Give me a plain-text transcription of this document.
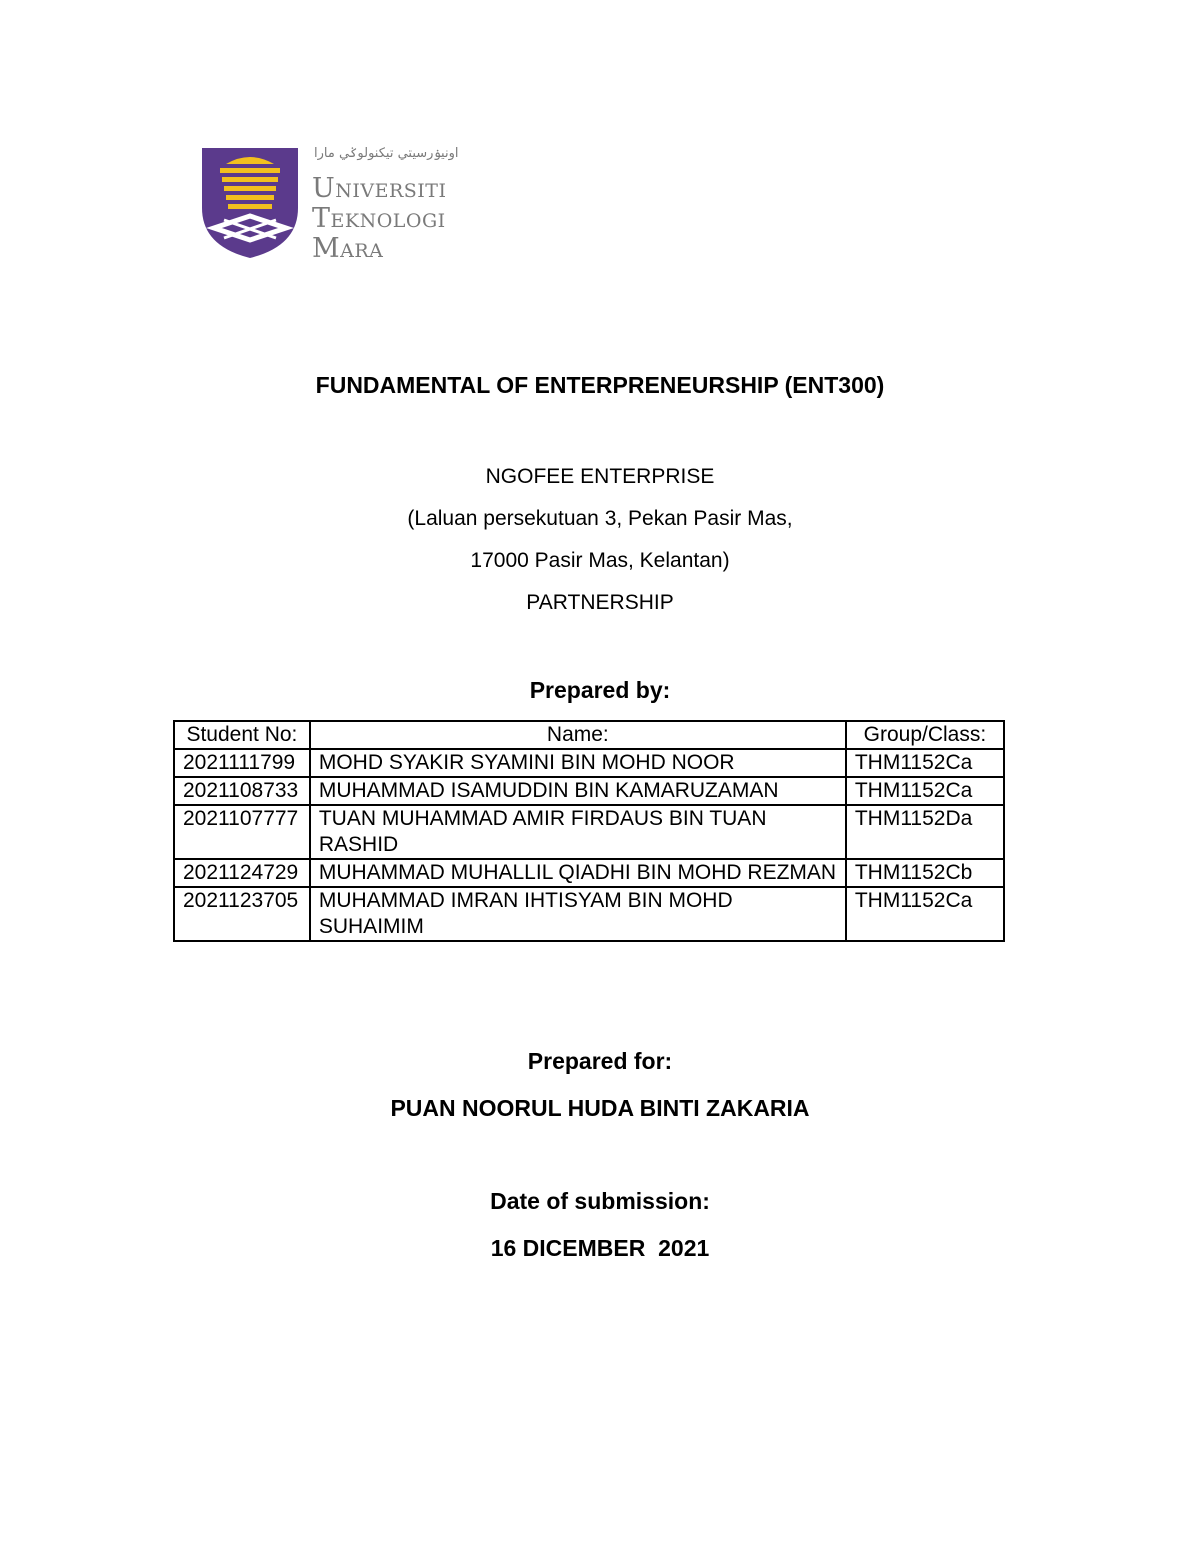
اونيۏرسيتي تيكنولوݢي مارا
Universiti
Teknologi
Mara
FUNDAMENTAL OF ENTERPRENEURSHIP (ENT300)
NGOFEE ENTERPRISE
(Laluan persekutuan 3, Pekan Pasir Mas,
17000 Pasir Mas, Kelantan)
PARTNERSHIP
Prepared by:
Student No:	Name:	Group/Class:
2021111799	MOHD SYAKIR SYAMINI BIN MOHD NOOR	THM1152Ca
2021108733	MUHAMMAD ISAMUDDIN BIN KAMARUZAMAN	THM1152Ca
2021107777	TUAN MUHAMMAD AMIR FIRDAUS BIN TUAN RASHID	THM1152Da
2021124729	MUHAMMAD MUHALLIL QIADHI BIN MOHD REZMAN	THM1152Cb
2021123705	MUHAMMAD IMRAN IHTISYAM BIN MOHD SUHAIMIM	THM1152Ca
Prepared for:
PUAN NOORUL HUDA BINTI ZAKARIA
Date of submission:
16 DICEMBER  2021
